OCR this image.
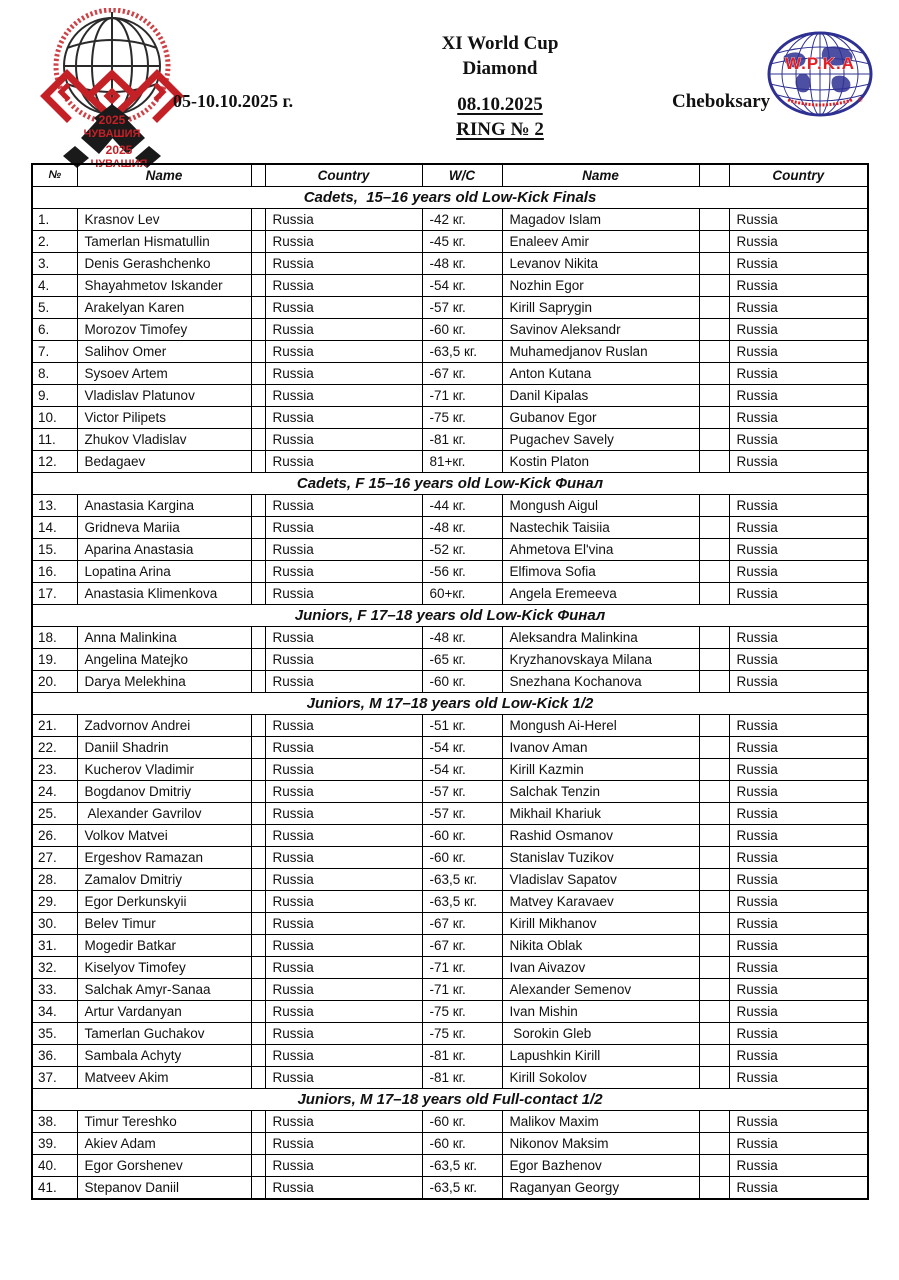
2025
ЧУВАШИЯ
2025
ЧУВАШИЯ
XI World Cup
Diamond
05-10.10.2025 г.	08.10.2025
RING № 2
Cheboksary
W.P.K.A
®
№	Name		Country	W/C	Name		Country
Cadets,  15–16 years old Low-Kick Finals							
1.	Krasnov Lev		Russia	-42 кг.	Magadov Islam		Russia
2.	Tamerlan Hismatullin		Russia	-45 кг.	Enaleev Amir		Russia
3.	Denis Gerashchenko		Russia	-48 кг.	Levanov Nikita		Russia
4.	Shayahmetov Iskander		Russia	-54 кг.	Nozhin Egor		Russia
5.	Arakelyan Karen		Russia	-57 кг.	Kirill Saprygin		Russia
6.	Morozov Timofey		Russia	-60 кг.	Savinov Aleksandr		Russia
7.	Salihov Omer		Russia	-63,5 кг.	Muhamedjanov Ruslan		Russia
8.	Sysoev Artem		Russia	-67 кг.	Anton Kutana		Russia
9.	Vladislav Platunov		Russia	-71 кг.	Danil Kipalas		Russia
10.	Victor Pilipets		Russia	-75 кг.	Gubanov Egor		Russia
11.	Zhukov Vladislav		Russia	-81 кг.	Pugachev Savely		Russia
12.	Bedagaev		Russia	81+кг.	Kostin Platon		Russia
Cadets, F 15–16 years old Low-Kick Финал							
13.	Anastasia Kargina		Russia	-44 кг.	Mongush Aigul		Russia
14.	Gridneva Mariia		Russia	-48 кг.	Nastechik Taisiia		Russia
15.	Aparina Anastasia		Russia	-52 кг.	Ahmetova El'vina		Russia
16.	Lopatina Arina		Russia	-56 кг.	Elfimova Sofia		Russia
17.	Anastasia Klimenkova		Russia	60+кг.	Angela Eremeeva		Russia
Juniors, F 17–18 years old Low-Kick Финал							
18.	Anna Malinkina		Russia	-48 кг.	Aleksandra Malinkina		Russia
19.	Angelina Matejko		Russia	-65 кг.	Kryzhanovskaya Milana		Russia
20.	Darya Melekhina		Russia	-60 кг.	Snezhana Kochanova		Russia
Juniors, M 17–18 years old Low-Kick 1/2							
21.	Zadvornov Andrei		Russia	-51 кг.	Mongush Ai-Herel		Russia
22.	Daniil Shadrin		Russia	-54 кг.	Ivanov Aman		Russia
23.	Kucherov Vladimir		Russia	-54 кг.	Kirill Kazmin		Russia
24.	Bogdanov Dmitriy		Russia	-57 кг.	Salchak Tenzin		Russia
25.	Alexander Gavrilov		Russia	-57 кг.	Mikhail Khariuk		Russia
26.	Volkov Matvei		Russia	-60 кг.	Rashid Osmanov		Russia
27.	Ergeshov Ramazan		Russia	-60 кг.	Stanislav Tuzikov		Russia
28.	Zamalov Dmitriy		Russia	-63,5 кг.	Vladislav Sapatov		Russia
29.	Egor Derkunskyii		Russia	-63,5 кг.	Matvey Karavaev		Russia
30.	Belev Timur		Russia	-67 кг.	Kirill Mikhanov		Russia
31.	Mogedir Batkar		Russia	-67 кг.	Nikita Oblak		Russia
32.	Kiselyov Timofey		Russia	-71 кг.	Ivan Aivazov		Russia
33.	Salchak Amyr-Sanaa		Russia	-71 кг.	Alexander Semenov		Russia
34.	Artur Vardanyan		Russia	-75 кг.	Ivan Mishin		Russia
35.	Tamerlan Guchakov		Russia	-75 кг.	Sorokin Gleb		Russia
36.	Sambala Achyty		Russia	-81 кг.	Lapushkin Kirill		Russia
37.	Matveev Akim		Russia	-81 кг.	Kirill Sokolov		Russia
Juniors, M 17–18 years old Full-contact 1/2							
38.	Timur Tereshko		Russia	-60 кг.	Malikov Maxim		Russia
39.	Akiev Adam		Russia	-60 кг.	Nikonov Maksim		Russia
40.	Egor Gorshenev		Russia	-63,5 кг.	Egor Bazhenov		Russia
41.	Stepanov Daniil		Russia	-63,5 кг.	Raganyan Georgy		Russia
